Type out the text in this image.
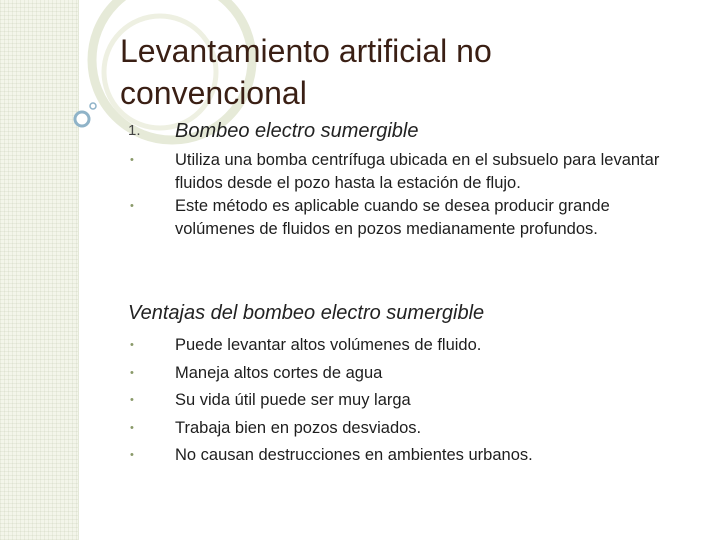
Levantamiento artificial no convencional
1. Bombeo electro sumergible
• Utiliza una bomba centrífuga ubicada en el subsuelo para levantar fluidos desde el pozo hasta la estación de flujo.
• Este método es aplicable cuando se desea producir grande volúmenes de fluidos en pozos medianamente profundos.
Ventajas del bombeo electro sumergible
• Puede levantar altos volúmenes de fluido.
• Maneja altos cortes de agua
• Su vida útil puede ser muy larga
• Trabaja bien en pozos desviados.
• No causan destrucciones en ambientes urbanos.
